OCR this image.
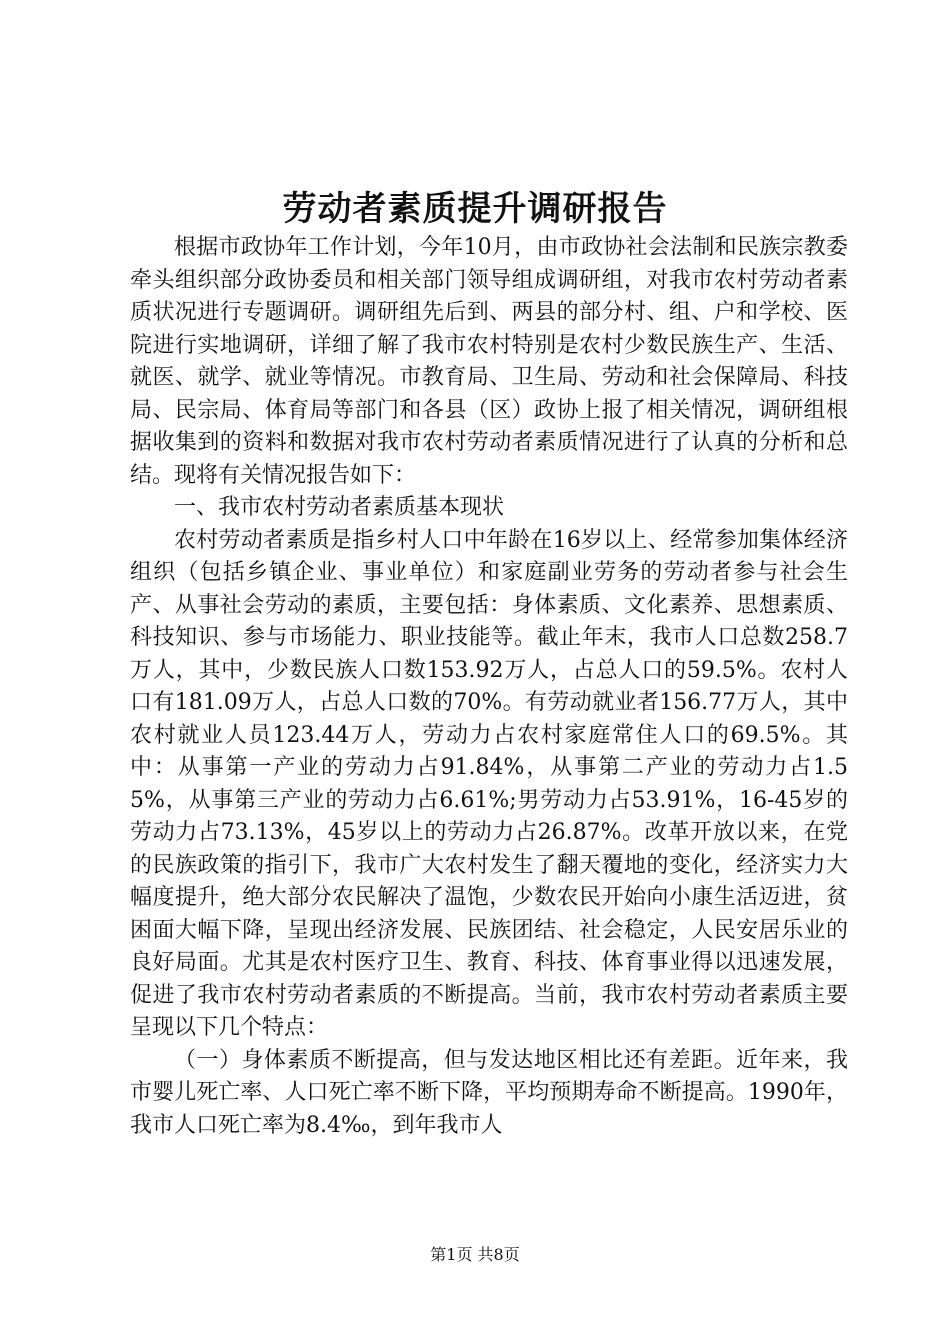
劳动者素质提升调研报告

根据市政协年工作计划，今年10月，由市政协社会法制和民族宗教委牵头组织部分政协委员和相关部门领导组成调研组，对我市农村劳动者素质状况进行专题调研。调研组先后到、两县的部分村、组、户和学校、医院进行实地调研，详细了解了我市农村特别是农村少数民族生产、生活、就医、就学、就业等情况。市教育局、卫生局、劳动和社会保障局、科技局、民宗局、体育局等部门和各县（区）政协上报了相关情况，调研组根据收集到的资料和数据对我市农村劳动者素质情况进行了认真的分析和总结。现将有关情况报告如下：

一、我市农村劳动者素质基本现状

农村劳动者素质是指乡村人口中年龄在16岁以上、经常参加集体经济组织（包括乡镇企业、事业单位）和家庭副业劳务的劳动者参与社会生产、从事社会劳动的素质，主要包括：身体素质、文化素养、思想素质、科技知识、参与市场能力、职业技能等。截止年末，我市人口总数258.7万人，其中，少数民族人口数153.92万人，占总人口的59.5%。农村人口有181.09万人，占总人口数的70%。有劳动就业者156.77万人，其中农村就业人员123.44万人，劳动力占农村家庭常住人口的69.5%。其中：从事第一产业的劳动力占91.84%，从事第二产业的劳动力占1.55%，从事第三产业的劳动力占6.61%;男劳动力占53.91%，16-45岁的劳动力占73.13%，45岁以上的劳动力占26.87%。改革开放以来，在党的民族政策的指引下，我市广大农村发生了翻天覆地的变化，经济实力大幅度提升，绝大部分农民解决了温饱，少数农民开始向小康生活迈进，贫困面大幅下降，呈现出经济发展、民族团结、社会稳定，人民安居乐业的良好局面。尤其是农村医疗卫生、教育、科技、体育事业得以迅速发展，促进了我市农村劳动者素质的不断提高。当前，我市农村劳动者素质主要呈现以下几个特点：

（一）身体素质不断提高，但与发达地区相比还有差距。近年来，我市婴儿死亡率、人口死亡率不断下降，平均预期寿命不断提高。1990年，我市人口死亡率为8.4‰，到年我市人

第1页 共8页
